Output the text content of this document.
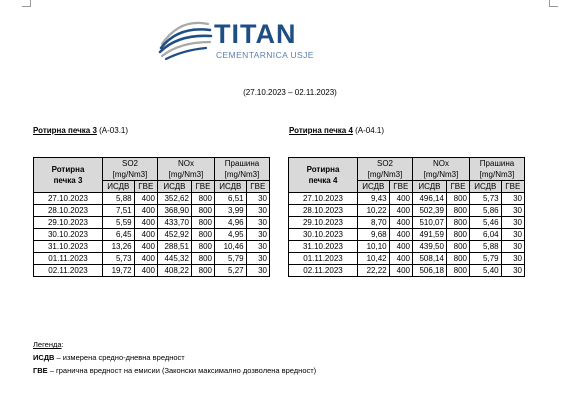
TITAN
CEMENTARNICA USJE
(27.10.2023 – 02.11.2023)
Ротирна печка 3 (А-03.1)	Ротирна печка 4 (А-04.1)
Ротирна печка 3	SO2 [mg/Nm3]		NOx [mg/Nm3]		Прашина [mg/Nm3]	

	ИСДВ	ГВЕ	ИСДВ	ГВЕ	ИСДВ	ГВЕ
27.10.2023	5,88	400	352,62	800	6,51	30
28.10.2023	7,51	400	368,90	800	3,99	30
29.10.2023	5,59	400	433,70	800	4,96	30
30.10.2023	6,45	400	452,92	800	4,95	30
31.10.2023	13,26	400	288,51	800	10,46	30
01.11.2023	5,73	400	445,32	800	5,79	30
02.11.2023	19,72	400	408,22	800	5,27	30
Ротирна печка 4	SO2 [mg/Nm3]		NOx [mg/Nm3]		Прашина [mg/Nm3]	

	ИСДВ	ГВЕ	ИСДВ	ГВЕ	ИСДВ	ГВЕ
27.10.2023	9,43	400	496,14	800	5,73	30
28.10.2023	10,22	400	502,39	800	5,86	30
29.10.2023	8,70	400	510,07	800	5,46	30
30.10.2023	9,68	400	491,59	800	6,04	30
31.10.2023	10,10	400	439,50	800	5,88	30
01.11.2023	10,42	400	508,14	800	5,79	30
02.11.2023	22,22	400	506,18	800	5,40	30
Легенда:
ИСДВ – измерена средно-дневна вредност
ГВЕ – гранична вредност на емисии (Законски максимално дозволена вредност)
